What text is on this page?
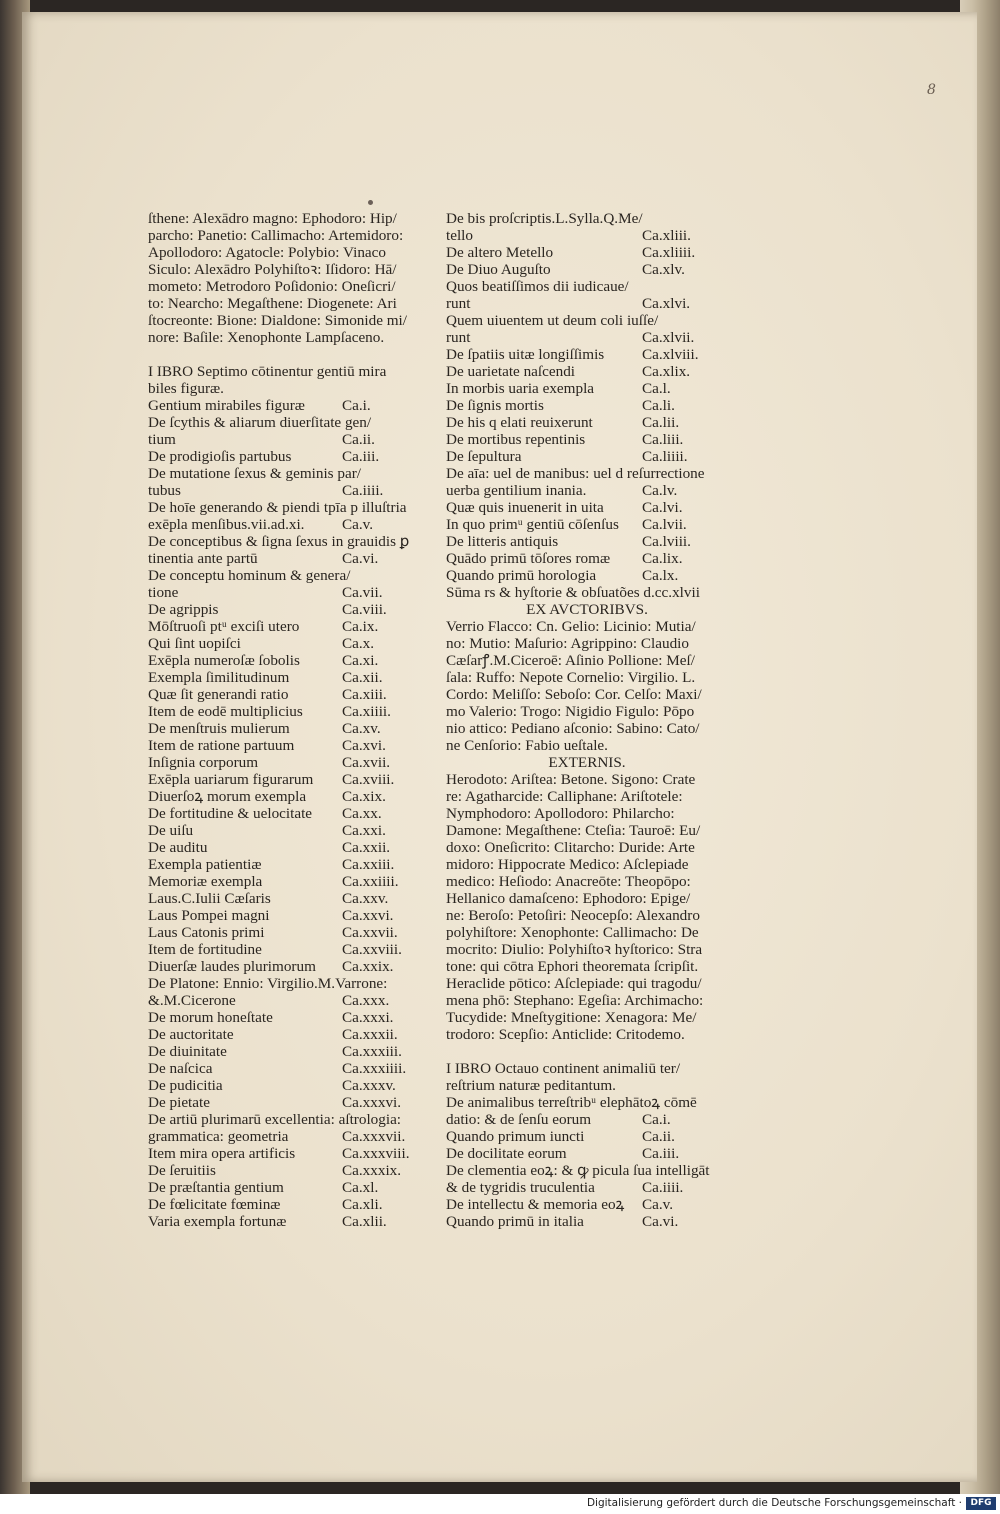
8
ſthene: Alexādro magno: Ephodoro: Hip/
parcho: Panetio: Callimacho: Artemidoro:
Apollodoro: Agatocle: Polybio: Vinaco
Siculo: Alexādro Polyhiſtoꝛ: Iſidoro: Hā/
mometo: Metrodoro Poſidonio: Oneſicri/
to: Nearcho: Megaſthene: Diogenete: Ari
ſtocreonte: Bione: Dialdone: Simonide mi/
nore: Baſile: Xenophonte Lampſaceno.
I IBRO Septimo cōtinentur gentiū mira
biles figuræ.
Gentium mirabiles figuræ Ca.i.
De ſcythis & aliarum diuerſitate gen/
tium	Ca.ii.
De prodigioſis partubus	Ca.iii.
De mutatione ſexus & geminis par/
tubus	Ca.iiii.
De hoīe generando & piendi tpīa p illuſtria
exēpla menſibus.vii.ad.xi. Ca.v.
De conceptibus & ſigna ſexus in grauidis ꝑ
tinentia ante partū	Ca.vi.
De conceptu hominum & genera/
tione	Ca.vii.
De agrippis	Ca.viii.
Mōſtruoſi ptᵘ exciſi utero	Ca.ix.
Qui ſint uopiſci	Ca.x.
Exēpla numeroſæ ſobolis	Ca.xi.
Exempla ſimilitudinum	Ca.xii.
Quæ ſit generandi ratio	Ca.xiii.
Item de eodē multiplicius	Ca.xiiii.
De menſtruis mulierum	Ca.xv.
Item de ratione partuum	Ca.xvi.
Inſignia corporum	Ca.xvii.
Exēpla uariarum figurarum Ca.xviii.
Diuerſoꝝ morum exempla Ca.xix.
De fortitudine & uelocitate Ca.xx.
De uiſu	Ca.xxi.
De auditu	Ca.xxii.
Exempla patientiæ	Ca.xxiii.
Memoriæ exempla	Ca.xxiiii.
Laus.C.Iulii Cæſaris	Ca.xxv.
Laus Pompei magni	Ca.xxvi.
Laus Catonis primi	Ca.xxvii.
Item de fortitudine	Ca.xxviii.
Diuerſæ laudes plurimorum Ca.xxix.
De Platone: Ennio: Virgilio.M.Varrone:
&.M.Cicerone	Ca.xxx.
De morum honeſtate	Ca.xxxi.
De auctoritate	Ca.xxxii.
De diuinitate	Ca.xxxiii.
De naſcica	Ca.xxxiiii.
De pudicitia	Ca.xxxv.
De pietate	Ca.xxxvi.
De artiū plurimarū excellentia: aſtrologia:
grammatica: geometria	Ca.xxxvii.
Item mira opera artificis	Ca.xxxviii.
De ſeruitiis	Ca.xxxix.
De præſtantia gentium	Ca.xl.
De fœlicitate fœminæ	Ca.xli.
Varia exempla fortunæ	Ca.xlii.
De bis proſcriptis.L.Sylla.Q.Me/
tello	Ca.xliii.
De altero Metello	Ca.xliiii.
De Diuo Auguſto	Ca.xlv.
Quos beatiſſimos dii iudicaue/
runt	Ca.xlvi.
Quem uiuentem ut deum coli iuſſe/
runt	Ca.xlvii.
De ſpatiis uitæ longiſſimis Ca.xlviii.
De uarietate naſcendi	Ca.xlix.
In morbis uaria exempla	Ca.l.
De ſignis mortis	Ca.li.
De his q elati reuixerunt	Ca.lii.
De mortibus repentinis	Ca.liii.
De ſepultura	Ca.liiii.
De aīa: uel de manibus: uel d reſurrectione
uerba gentilium inania.	Ca.lv.
Quæ quis inuenerit in uita	Ca.lvi.
In quo primᵘ gentiū cōſenſus Ca.lvii.
De litteris antiquis	Ca.lviii.
Quādo primū tōſores romæ Ca.lix.
Quando primū horologia	Ca.lx.
Sūma rs & hyſtorie & obſuatões d.cc.xlvii
EX AVCTORIBVS.
Verrio Flacco: Cn. Gelio: Licinio: Mutia/
no: Mutio: Maſurio: Agrippino: Claudio
Cæſarꝭ.M.Ciceroē: Aſinio Pollione: Meſ/
ſala: Ruffo: Nepote Cornelio: Virgilio. L.
Cordo: Meliſſo: Seboſo: Cor. Celſo: Maxi/
mo Valerio: Trogo: Nigidio Figulo: Pōpo
nio attico: Pediano aſconio: Sabino: Cato/
ne Cenſorio: Fabio ueſtale.
EXTERNIS.
Herodoto: Ariſtea: Betone. Sigono: Crate
re: Agatharcide: Calliphane: Ariſtotele:
Nymphodoro: Apollodoro: Philarcho:
Damone: Megaſthene: Cteſia: Tauroē: Eu/
doxo: Oneſicrito: Clitarcho: Duride: Arte
midoro: Hippocrate Medico: Aſclepiade
medico: Heſiodo: Anacreōte: Theopōpo:
Hellanico damaſceno: Ephodoro: Epige/
ne: Beroſo: Petoſiri: Neocepſo: Alexandro
polyhiſtore: Xenophonte: Callimacho: De
mocrito: Diulio: Polyhiſtoꝛ hyſtorico: Stra
tone: qui cōtra Ephori theoremata ſcripſit.
Heraclide pōtico: Aſclepiade: qui tragodu/
mena phō: Stephano: Egeſia: Archimacho:
Tucydide: Mneſtygitione: Xenagora: Me/
trodoro: Scepſio: Anticlide: Critodemo.
I IBRO Octauo continent animaliū ter/
reſtrium naturæ peditantum.
De animalibus terreſtribᵘ elephātoꝝ cōmē
datio: & de ſenſu eorum	Ca.i.
Quando primum iuncti	Ca.ii.
De docilitate eorum	Ca.iii.
De clementia eoꝝ: & ꝙ picula ſua intelligāt
& de tygridis truculentia	Ca.iiii.
De intellectu & memoria eoꝝ Ca.v.
Quando primū in italia	Ca.vi.
Digitalisierung gefördert durch die Deutsche Forschungsgemeinschaft · DFG
